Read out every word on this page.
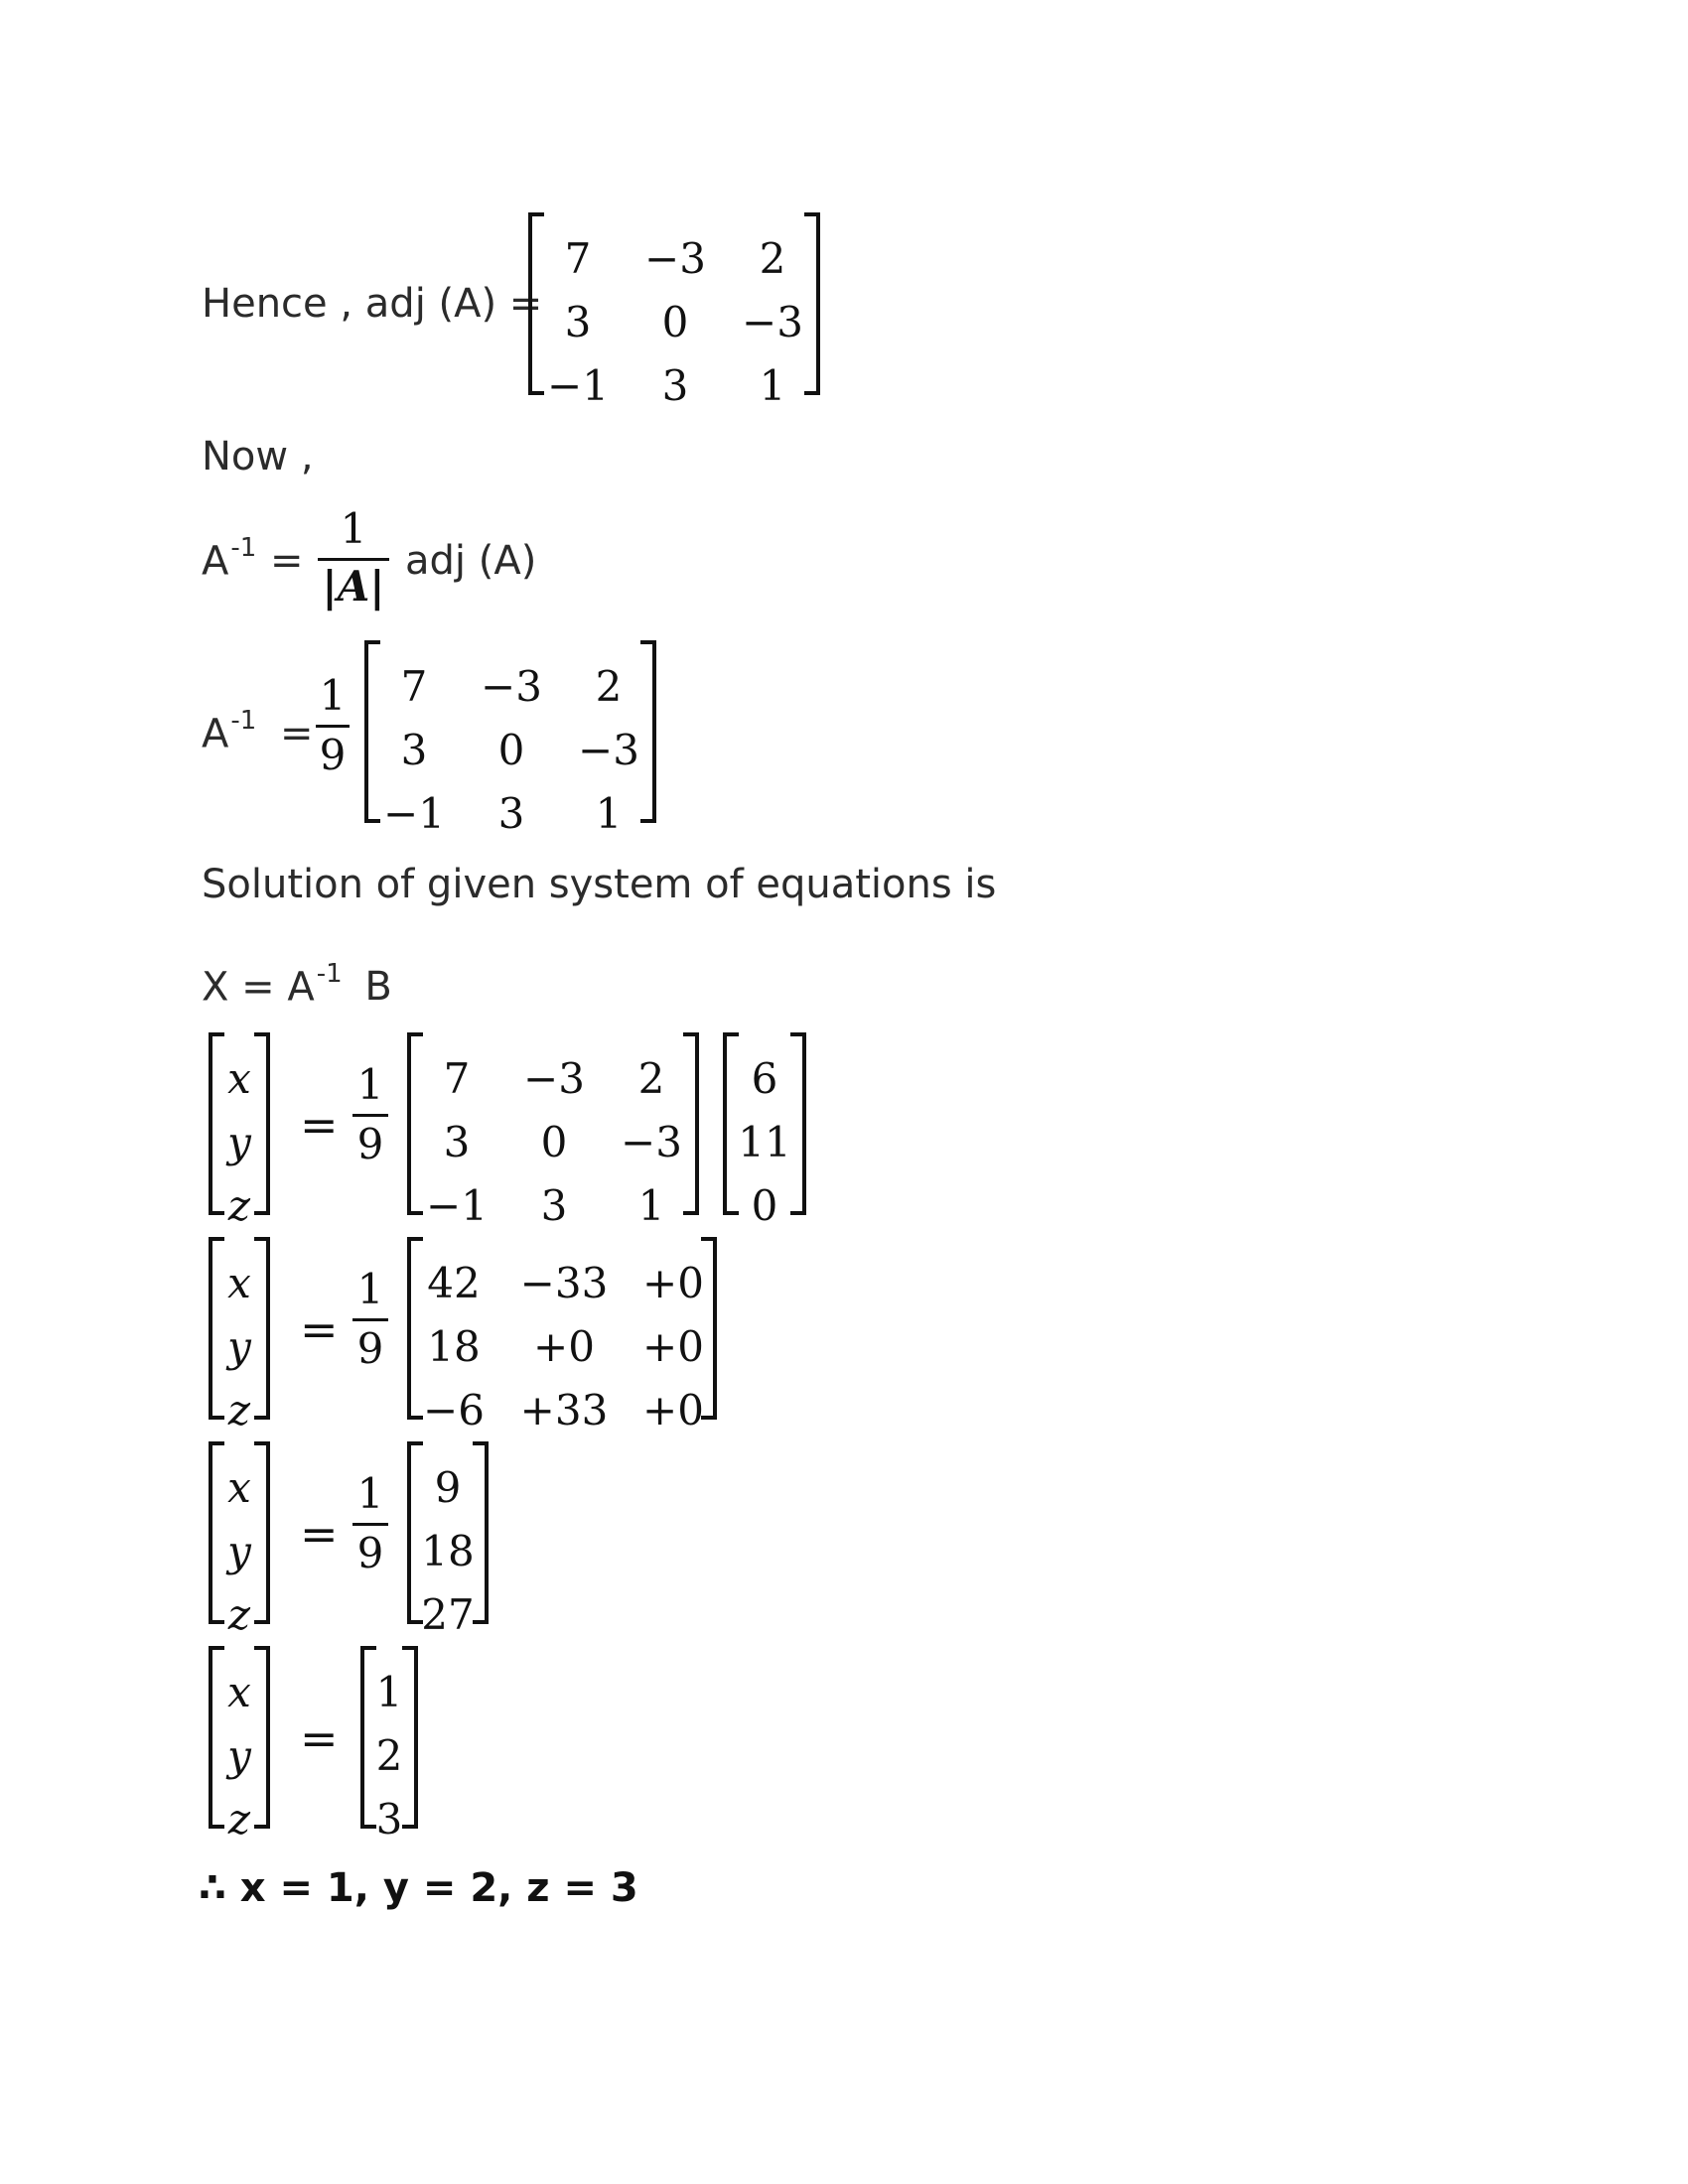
Hence , adj (A) =
7	−3	2
3	0	−3
−1	3	1
Now ,
$A^{-1}$ =
1
|A|
adj (A)
$A^{-1}$ =
1
9
7	−3	2
3	0	−3
−1	3	1
Solution of given system of equations is
$X = A^{-1}$ B
x
y
z
=
1
9
7	−3	2
3	0	−3
−1	3	1
6
11
0
x
y
z
=
1
9
42 −33 +0
18	+0	+0
−6 +33 +0
x
y
z
=
1
9
9
18
27
x
y
z
=
1
2
3
∴ x = 1, y = 2, z = 3
